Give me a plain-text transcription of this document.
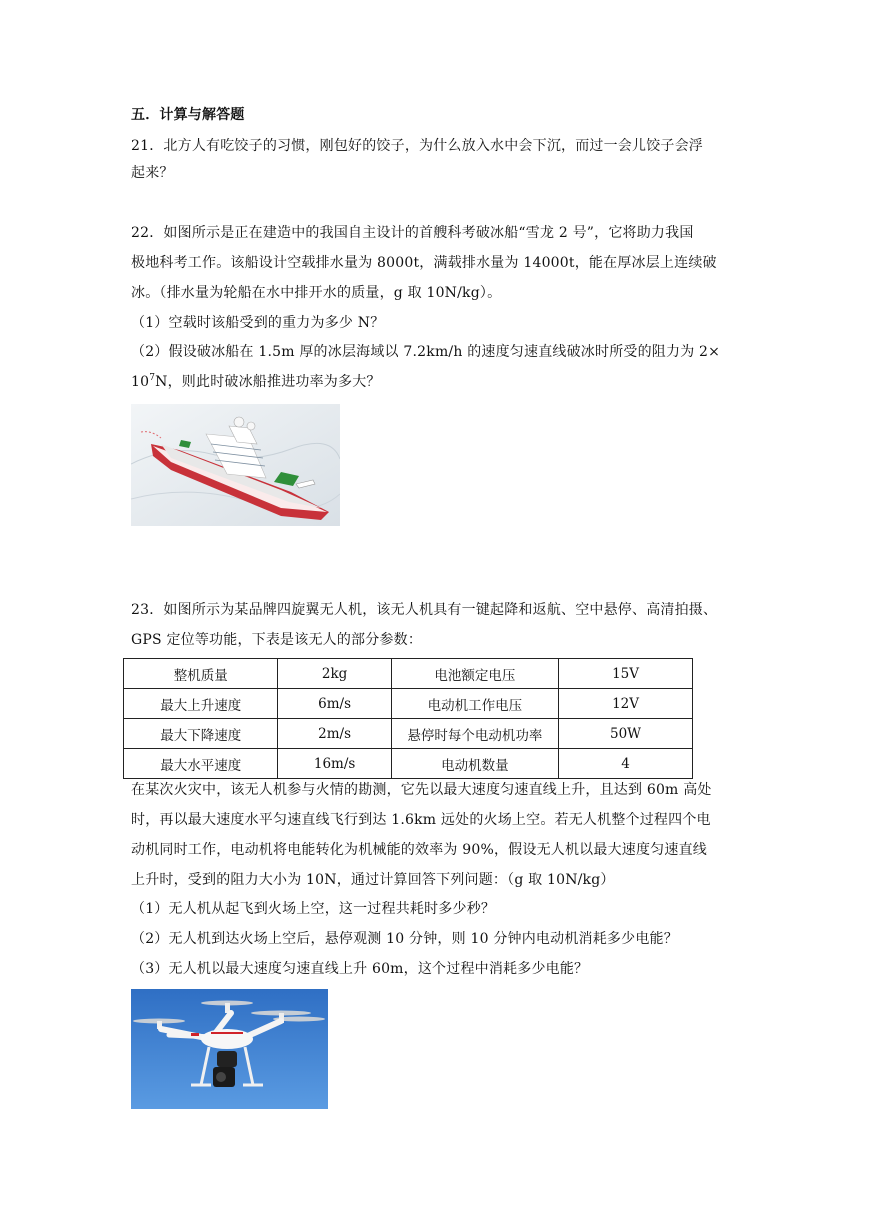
五．计算与解答题
21．北方人有吃饺子的习惯，刚包好的饺子，为什么放入水中会下沉，而过一会儿饺子会浮
起来？
22．如图所示是正在建造中的我国自主设计的首艘科考破冰船“雪龙 2 号”，它将助力我国
极地科考工作。该船设计空载排水量为 8000t，满载排水量为 14000t，能在厚冰层上连续破
冰。（排水量为轮船在水中排开水的质量，g 取 10N/kg）。
（1）空载时该船受到的重力为多少 N？
（2）假设破冰船在 1.5m 厚的冰层海域以 7.2km/h 的速度匀速直线破冰时所受的阻力为 2×
$10^7N$，则此时破冰船推进功率为多大？
23．如图所示为某品牌四旋翼无人机，该无人机具有一键起降和返航、空中悬停、高清拍摄、
GPS 定位等功能，下表是该无人的部分参数：
整机质量	2kg	电池额定电压	15V
最大上升速度	6m/s	电动机工作电压	12V
最大下降速度	2m/s	悬停时每个电动机功率	50W
最大水平速度	16m/s	电动机数量	4
在某次火灾中，该无人机参与火情的勘测，它先以最大速度匀速直线上升，且达到 60m 高处
时，再以最大速度水平匀速直线飞行到达 1.6km 远处的火场上空。若无人机整个过程四个电
动机同时工作，电动机将电能转化为机械能的效率为 90%，假设无人机以最大速度匀速直线
上升时，受到的阻力大小为 10N，通过计算回答下列问题：（g 取 10N/kg）
（1）无人机从起飞到火场上空，这一过程共耗时多少秒？
（2）无人机到达火场上空后，悬停观测 10 分钟，则 10 分钟内电动机消耗多少电能？
（3）无人机以最大速度匀速直线上升 60m，这个过程中消耗多少电能？
